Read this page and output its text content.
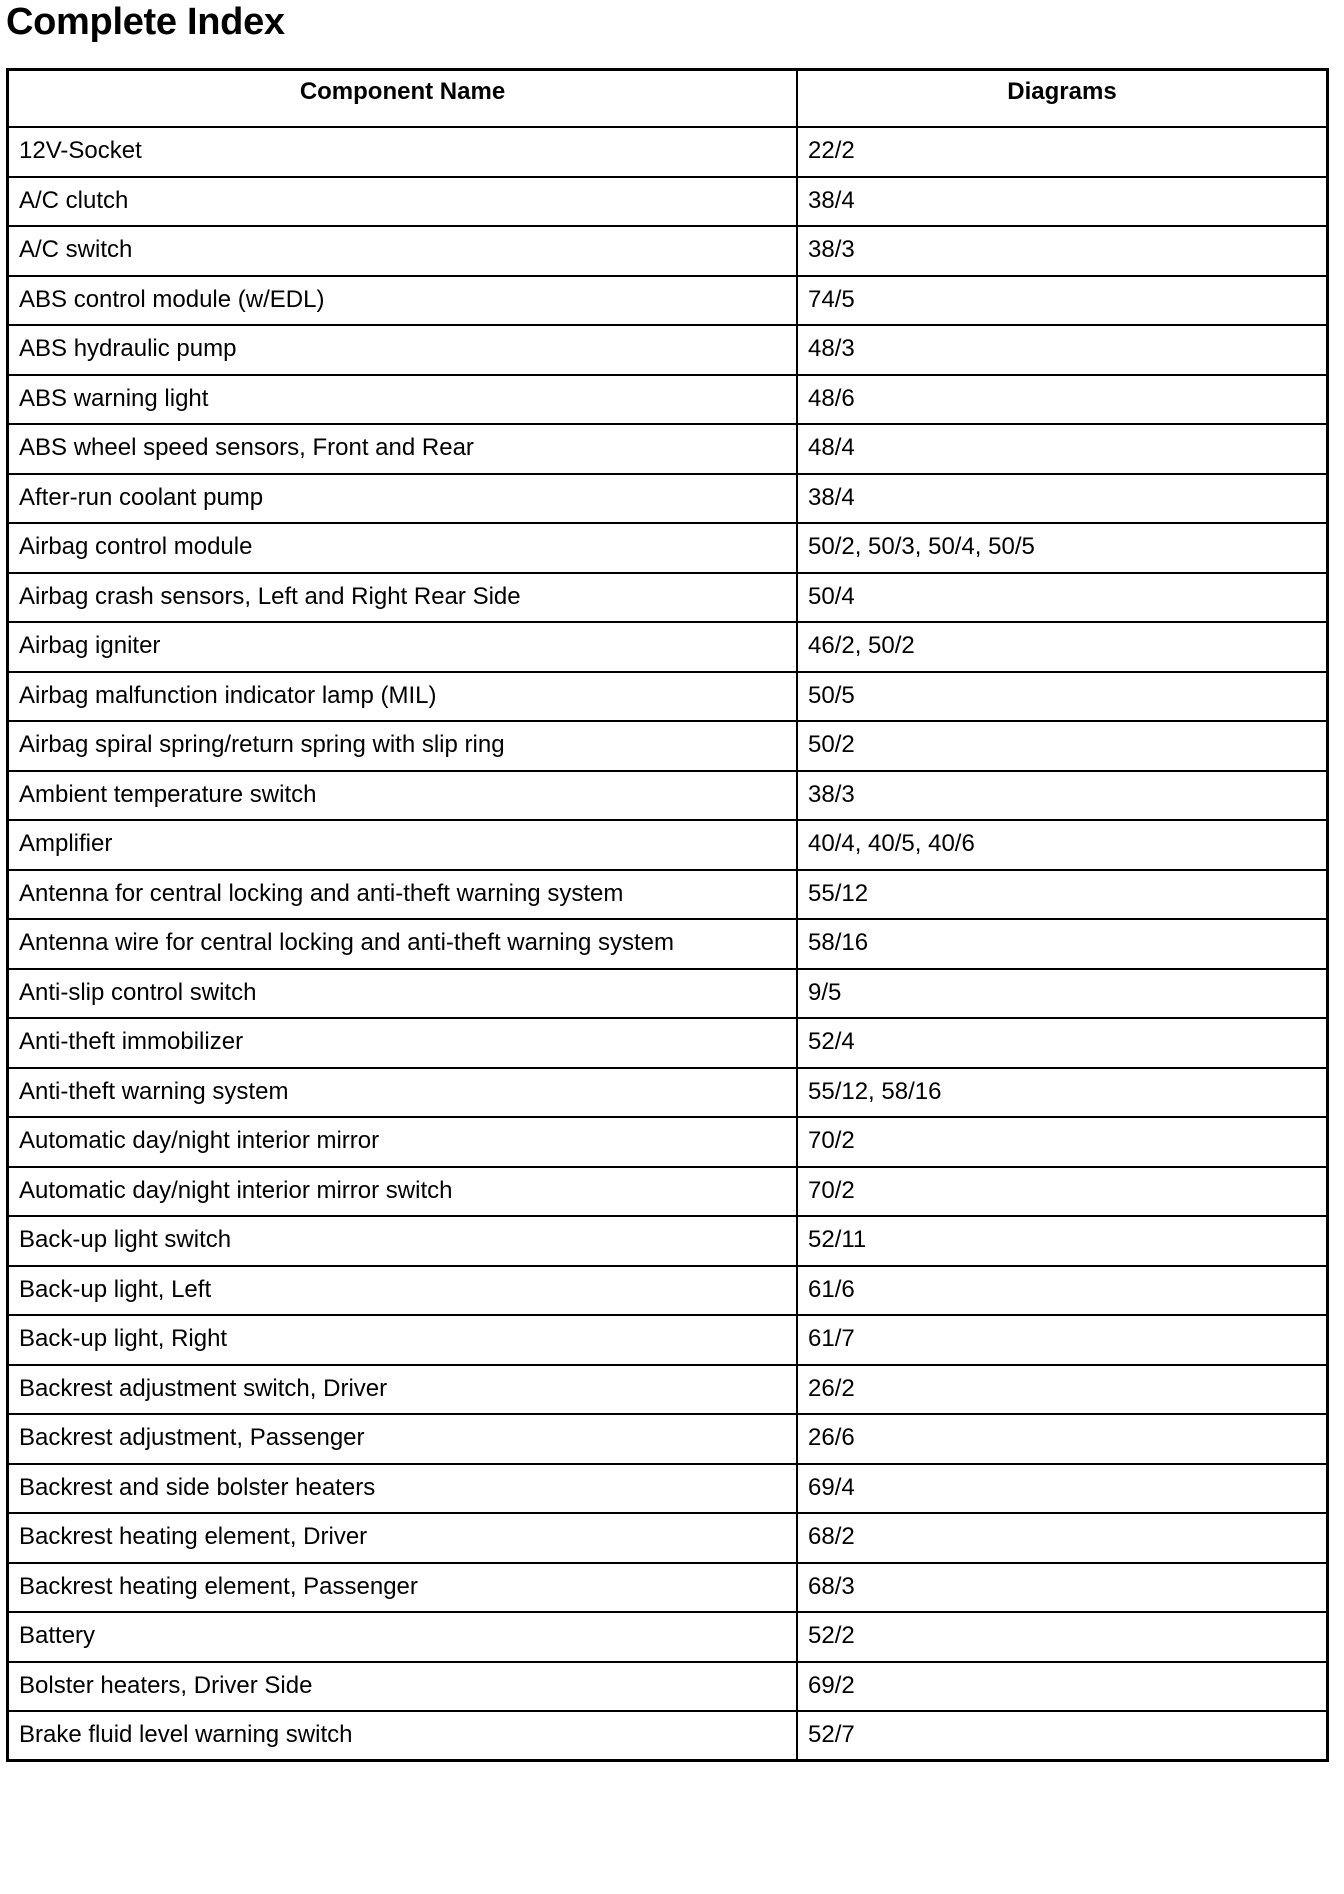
Complete Index
Component Name	Diagrams
12V-Socket	22/2
A/C clutch	38/4
A/C switch	38/3
ABS control module (w/EDL)	74/5
ABS hydraulic pump	48/3
ABS warning light	48/6
ABS wheel speed sensors, Front and Rear	48/4
After-run coolant pump	38/4
Airbag control module	50/2, 50/3, 50/4, 50/5
Airbag crash sensors, Left and Right Rear Side	50/4
Airbag igniter	46/2, 50/2
Airbag malfunction indicator lamp (MIL)	50/5
Airbag spiral spring/return spring with slip ring	50/2
Ambient temperature switch	38/3
Amplifier	40/4, 40/5, 40/6
Antenna for central locking and anti-theft warning system	55/12
Antenna wire for central locking and anti-theft warning system	58/16
Anti-slip control switch	9/5
Anti-theft immobilizer	52/4
Anti-theft warning system	55/12, 58/16
Automatic day/night interior mirror	70/2
Automatic day/night interior mirror switch	70/2
Back-up light switch	52/11
Back-up light, Left	61/6
Back-up light, Right	61/7
Backrest adjustment switch, Driver	26/2
Backrest adjustment, Passenger	26/6
Backrest and side bolster heaters	69/4
Backrest heating element, Driver	68/2
Backrest heating element, Passenger	68/3
Battery	52/2
Bolster heaters, Driver Side	69/2
Brake fluid level warning switch	52/7
